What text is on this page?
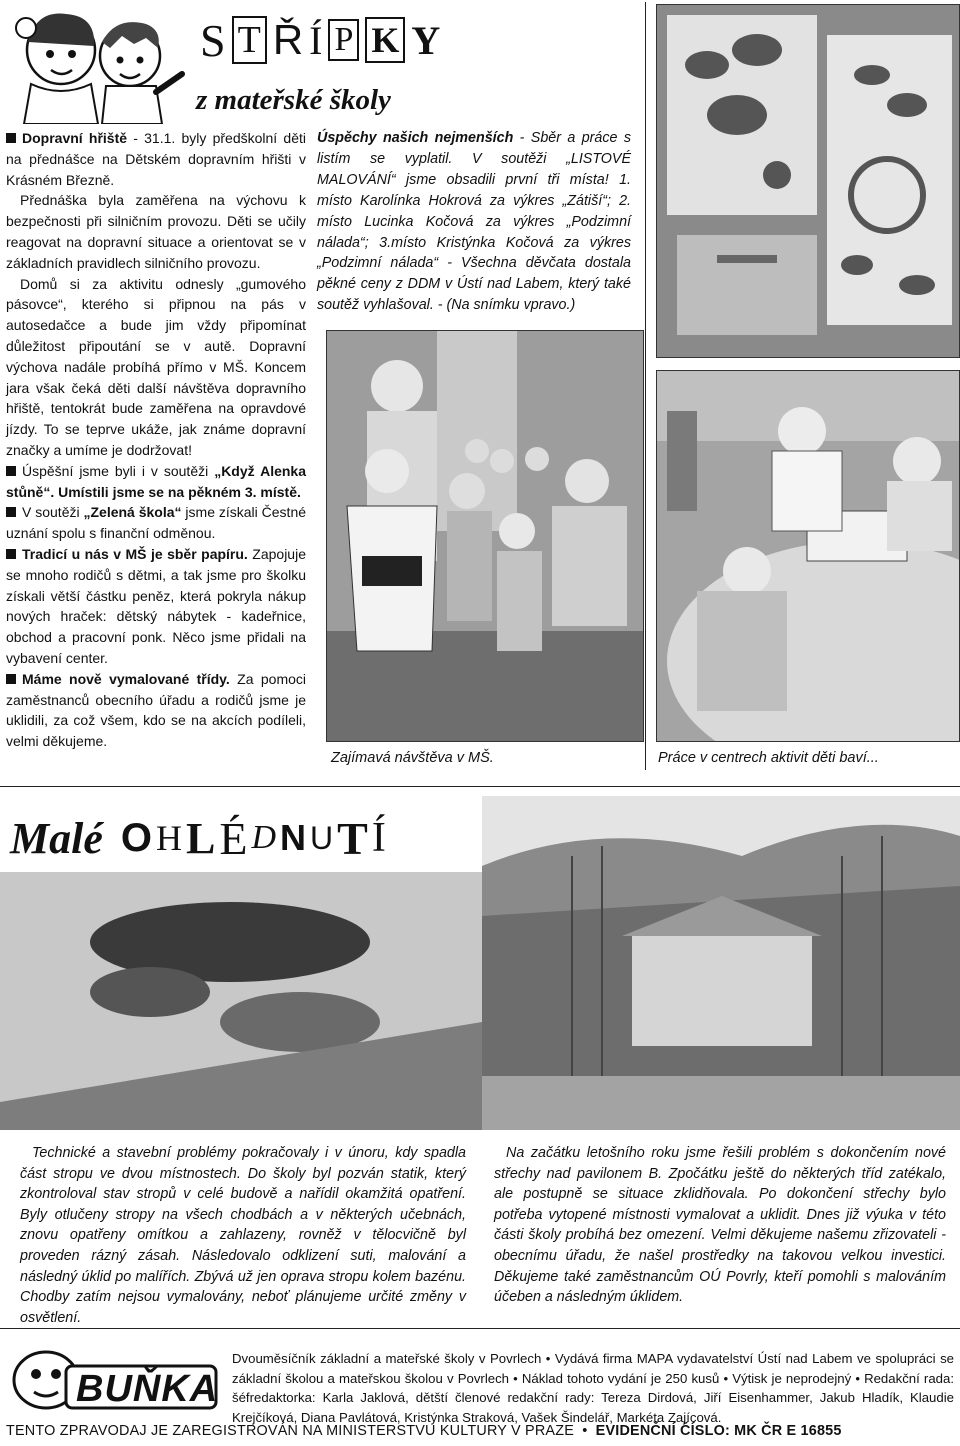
S T Ř Í P K Y
z mateřské školy

Dopravní hřiště - 31.1. byly předškolní děti na přednášce na Dětském dopravním hřišti v Krásném Březně.

Přednáška byla zaměřena na výchovu k bezpečnosti při silničním provozu. Děti se učily reagovat na dopravní situace a orientovat se v základních pravidlech silničního provozu.

Domů si za aktivitu odnesly „gumového pásovce“, kterého si připnou na pás v autosedačce a bude jim vždy připomínat důležitost připoutání se v autě. Dopravní výchova nadále probíhá přímo v MŠ. Koncem jara však čeká děti další návštěva dopravního hřiště, tentokrát bude zaměřena na opravdové jízdy. To se teprve ukáže, jak známe dopravní značky a umíme je dodržovat!

Úspěšní jsme byli i v soutěži „Když Alenka stůně“. Umístili jsme se na pěkném 3. místě.

V soutěži „Zelená škola“ jsme získali Čestné uznání spolu s finanční odměnou.

Tradicí u nás v MŠ je sběr papíru. Zapojuje se mnoho rodičů s dětmi, a tak jsme pro školku získali větší částku peněz, která pokryla nákup nových hraček: dětský nábytek - kadeřnice, obchod a pracovní ponk. Něco jsme přidali na vybavení center.

Máme nově vymalované třídy. Za pomoci zaměstnanců obecního úřadu a rodičů jsme je uklidili, za což všem, kdo se na akcích podíleli, velmi děkujeme.

Úspěchy našich nejmenších - Sběr a práce s listím se vyplatil. V soutěži „LISTOVÉ MALOVÁNÍ“ jsme obsadili první tři místa! 1. místo Karolínka Hokrová za výkres „Zátiší“; 2. místo Lucinka Kočová za výkres „Podzimní nálada“; 3.místo Kristýnka Kočová za výkres „Podzimní nálada“ - Všechna děvčata dostala pěkné ceny z DDM v Ústí nad Labem, který také soutěž vyhlašoval. - (Na snímku vpravo.)
Zajímavá návštěva v MŠ.	Práce v centrech aktivit děti baví...
Malé O H L É D N U T Í
Technické a stavební problémy pokračovaly i v únoru, kdy spadla část stropu ve dvou místnostech. Do školy byl pozván statik, který zkontroloval stav stropů v celé budově a nařídil okamžitá opatření. Byly otlučeny stropy na všech chodbách a v některých učebnách, znovu opatřeny omítkou a zahlazeny, rovněž v tělocvičně byl proveden rázný zásah. Následovalo odklizení suti, malování a následný úklid po malířích. Zbývá už jen oprava stropu kolem bazénu. Chodby zatím nejsou vymalovány, neboť plánujeme určité změny v osvětlení.
Na začátku letošního roku jsme řešili problém s dokončením nové střechy nad pavilonem B. Zpočátku ještě do některých tříd zatékalo, ale postupně se situace zklidňovala. Po dokončení střechy bylo potřeba vytopené místnosti vymalovat a uklidit. Dnes již výuka v této části školy probíhá bez omezení. Velmi děkujeme našemu zřizovateli - obecnímu úřadu, že našel prostředky na takovou velkou investici. Děkujeme také zaměstnancům OÚ Povrly, kteří pomohli s malováním účeben a následným úklidem.
BUŇKA
Dvouměsíčník základní a mateřské školy v Povrlech • Vydává firma MAPA vydavatelství Ústí nad Labem ve spolupráci se základní školou a mateřskou školou v Povrlech • Náklad tohoto vydání je 250 kusů • Výtisk je neprodejný • Redakční rada: šéfredaktorka: Karla Jaklová, dětští členové redakční rady: Tereza Dirdová, Jiří Eisenhammer, Jakub Hladík, Klaudie Krejčíková, Diana Pavlátová, Kristýnka Straková, Vašek Šindelář, Markéta Zajícová.
TENTO ZPRAVODAJ JE ZAREGISTROVÁN NA MINISTERSTVU KULTURY V PRAZE • EVIDENČNÍ ČÍSLO: MK ČR E 16855
